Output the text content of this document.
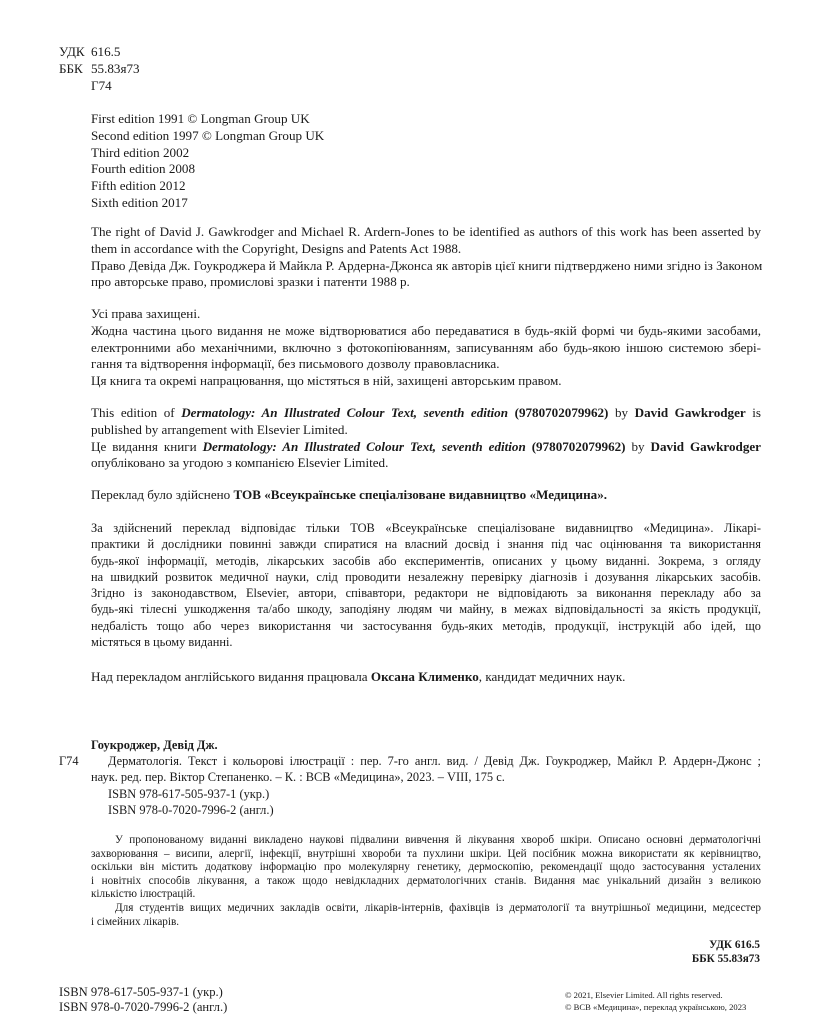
УДК 616.5
ББК 55.83я73
Г74
First edition 1991 © Longman Group UK
Second edition 1997 © Longman Group UK
Third edition 2002
Fourth edition 2008
Fifth edition 2012
Sixth edition 2017
The right of David J. Gawkrodger and Michael R. Ardern-Jones to be identified as authors of this work has been asserted by
them in accordance with the Copyright, Designs and Patents Act 1988.
Право Девіда Дж. Гоукроджера й Майкла Р. Ардерна-Джонса як авторів цієї книги підтверджено ними згідно із Законом
про авторське право, промислові зразки і патенти 1988 р.
Усі права захищені.
Жодна частина цього видання не може відтворюватися або передаватися в будь-якій формі чи будь-якими засобами,
електронними або механічними, включно з фотокопіюванням, записуванням або будь-якою іншою системою збері-
гання та відтворення інформації, без письмового дозволу правовласника.
Ця книга та окремі напрацювання, що містяться в ній, захищені авторським правом.
This edition of Dermatology: An Illustrated Colour Text, seventh edition (9780702079962) by David Gawkrodger is
published by arrangement with Elsevier Limited.
Це видання книги Dermatology: An Illustrated Colour Text, seventh edition (9780702079962) by David Gawkrodger
опубліковано за угодою з компанією Elsevier Limited.
Переклад було здійснено ТОВ «Всеукраїнське спеціалізоване видавництво «Медицина».
За здійснений переклад відповідає тільки ТОВ «Всеукраїнське спеціалізоване видавництво «Медицина». Лікарі-
практики й дослідники повинні завжди спиратися на власний досвід і знання під час оцінювання та використання
будь-якої інформації, методів, лікарських засобів або експериментів, описаних у цьому виданні. Зокрема, з огляду
на швидкий розвиток медичної науки, слід проводити незалежну перевірку діагнозів і дозування лікарських засобів.
Згідно із законодавством, Elsevier, автори, співавтори, редактори не відповідають за виконання перекладу або за
будь-які тілесні ушкодження та/або шкоду, заподіяну людям чи майну, в межах відповідальності за якість продукції,
недбалість тощо або через використання чи застосування будь-яких методів, продукції, інструкцій або ідей, що
містяться в цьому виданні.
Над перекладом англійського видання працювала Оксана Клименко, кандидат медичних наук.
Гоукроджер, Девід Дж.
Г74	Дерматологія. Текст і кольорові ілюстрації : пер. 7-го англ. вид. / Девід Дж. Гоукроджер, Майкл Р. Ардерн-Джонс ;
наук. ред. пер. Віктор Степаненко. – К. : ВСВ «Медицина», 2023. – VIII, 175 с.
ISBN 978-617-505-937-1 (укр.)
ISBN 978-0-7020-7996-2 (англ.)
У пропонованому виданні викладено наукові підвалини вивчення й лікування хвороб шкіри. Описано основні дерматологічні
захворювання – висипи, алергії, інфекції, внутрішні хвороби та пухлини шкіри. Цей посібник можна використати як керівництво,
оскільки він містить додаткову інформацію про молекулярну генетику, дермоскопію, рекомендації щодо застосування усталених
і новітніх способів лікування, а також щодо невідкладних дерматологічних станів. Видання має унікальний дизайн з великою
кількістю ілюстрацій.
Для студентів вищих медичних закладів освіти, лікарів-інтернів, фахівців із дерматології та внутрішньої медицини, медсестер
і сімейних лікарів.
УДК 616.5
ББК 55.83я73
ISBN 978-617-505-937-1 (укр.)
ISBN 978-0-7020-7996-2 (англ.)
© 2021, Elsevier Limited. All rights reserved.
© ВСВ «Медицина», переклад українською, 2023
